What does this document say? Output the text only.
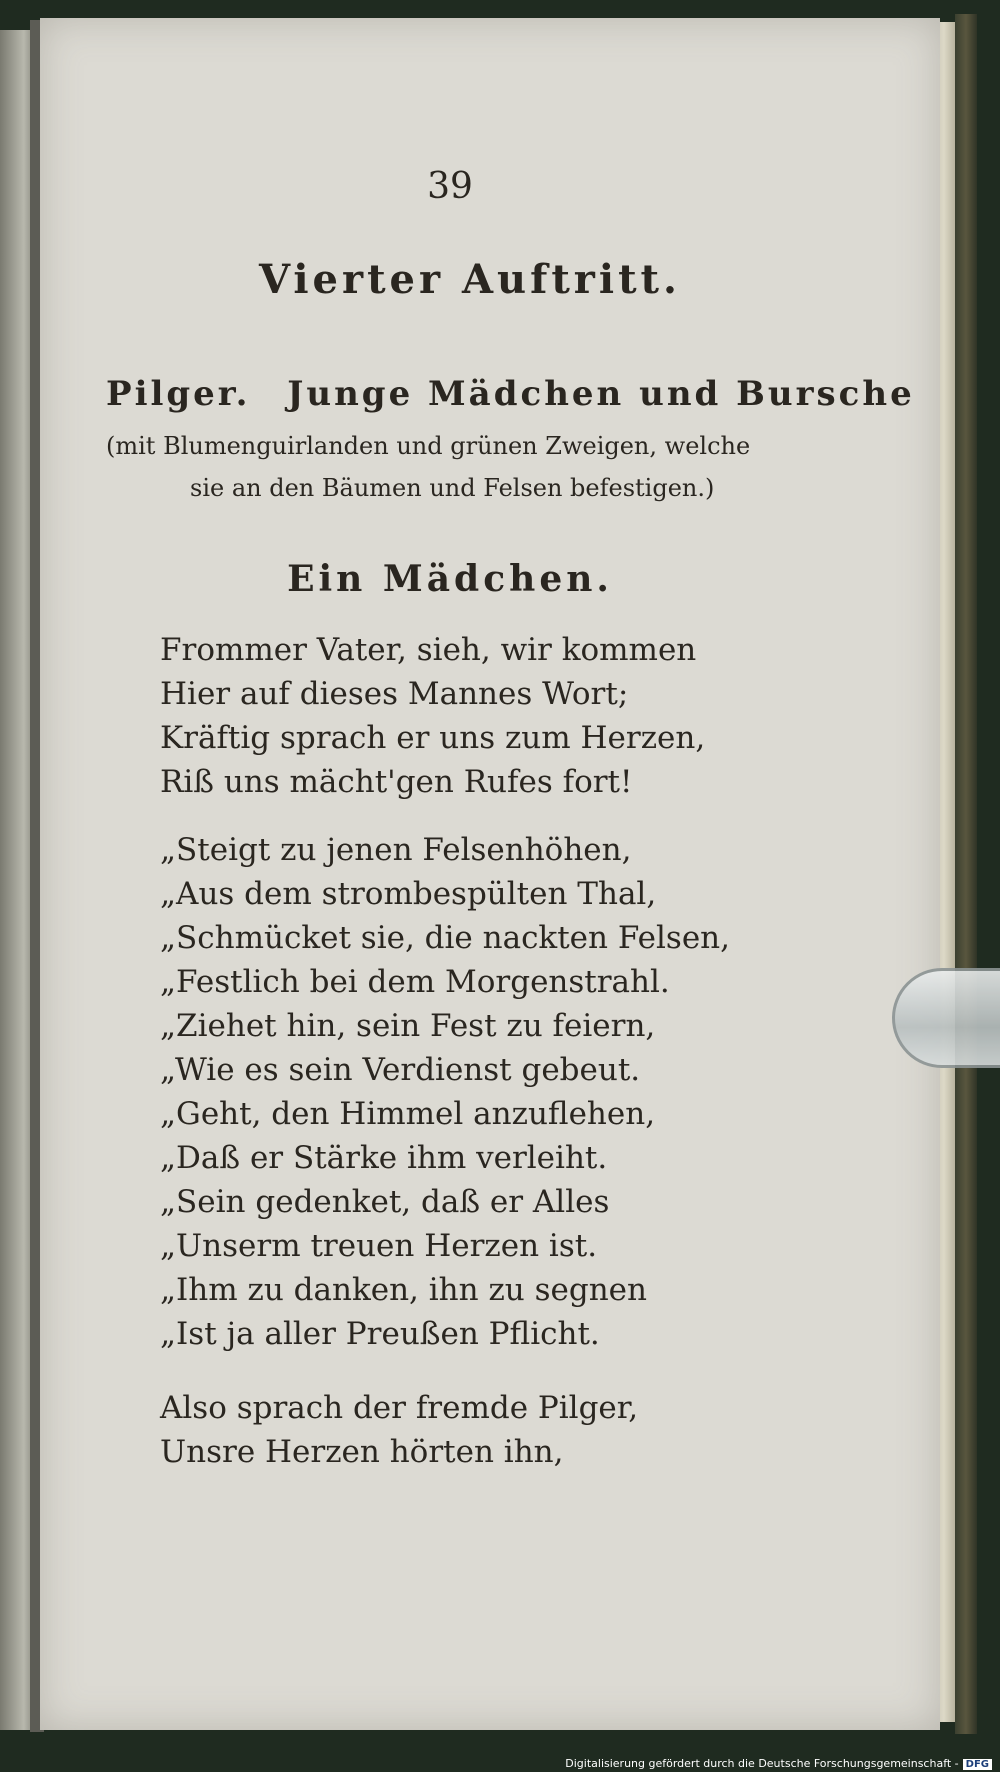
39
Vierter Auftritt.
Pilger. Junge Mädchen und Bursche
(mit Blumenguirlanden und grünen Zweigen, welche
sie an den Bäumen und Felsen befestigen.)
Ein Mädchen.
Frommer Vater, sieh, wir kommen
Hier auf dieses Mannes Wort;
Kräftig sprach er uns zum Herzen,
Riß uns mächt'gen Rufes fort!
„Steigt zu jenen Felsenhöhen,
„Aus dem strombespülten Thal,
„Schmücket sie, die nackten Felsen,
„Festlich bei dem Morgenstrahl.
„Ziehet hin, sein Fest zu feiern,
„Wie es sein Verdienst gebeut.
„Geht, den Himmel anzuflehen,
„Daß er Stärke ihm verleiht.
„Sein gedenket, daß er Alles
„Unserm treuen Herzen ist.
„Ihm zu danken, ihn zu segnen
„Ist ja aller Preußen Pflicht.
Also sprach der fremde Pilger,
Unsre Herzen hörten ihn,
Digitalisierung gefördert durch die Deutsche Forschungsgemeinschaft - DFG
